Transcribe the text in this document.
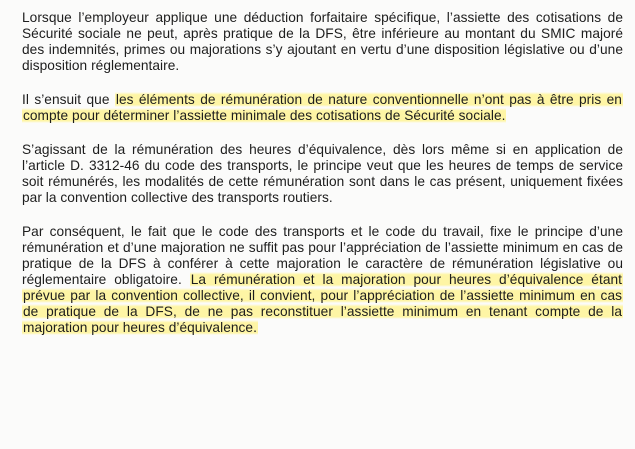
Lorsque l’employeur applique une déduction forfaitaire spécifique, l’assiette des cotisations de Sécurité sociale ne peut, après pratique de la DFS, être inférieure au montant du SMIC majoré des indemnités, primes ou majorations s’y ajoutant en vertu d’une disposition législative ou d’une disposition réglementaire.

Il s’ensuit que les éléments de rémunération de nature conventionnelle n’ont pas à être pris en compte pour déterminer l’assiette minimale des cotisations de Sécurité sociale.

S’agissant de la rémunération des heures d’équivalence, dès lors même si en application de l’article D. 3312-46 du code des transports, le principe veut que les heures de temps de service soit rémunérés, les modalités de cette rémunération sont dans le cas présent, uniquement fixées par la convention collective des transports routiers.

Par conséquent, le fait que le code des transports et le code du travail, fixe le principe d’une rémunération et d’une majoration ne suffit pas pour l’appréciation de l’assiette minimum en cas de pratique de la DFS à conférer à cette majoration le caractère de rémunération législative ou réglementaire obligatoire. La rémunération et la majoration pour heures d’équivalence étant prévue par la convention collective, il convient, pour l’appréciation de l’assiette minimum en cas de pratique de la DFS, de ne pas reconstituer l’assiette minimum en tenant compte de la majoration pour heures d’équivalence.
